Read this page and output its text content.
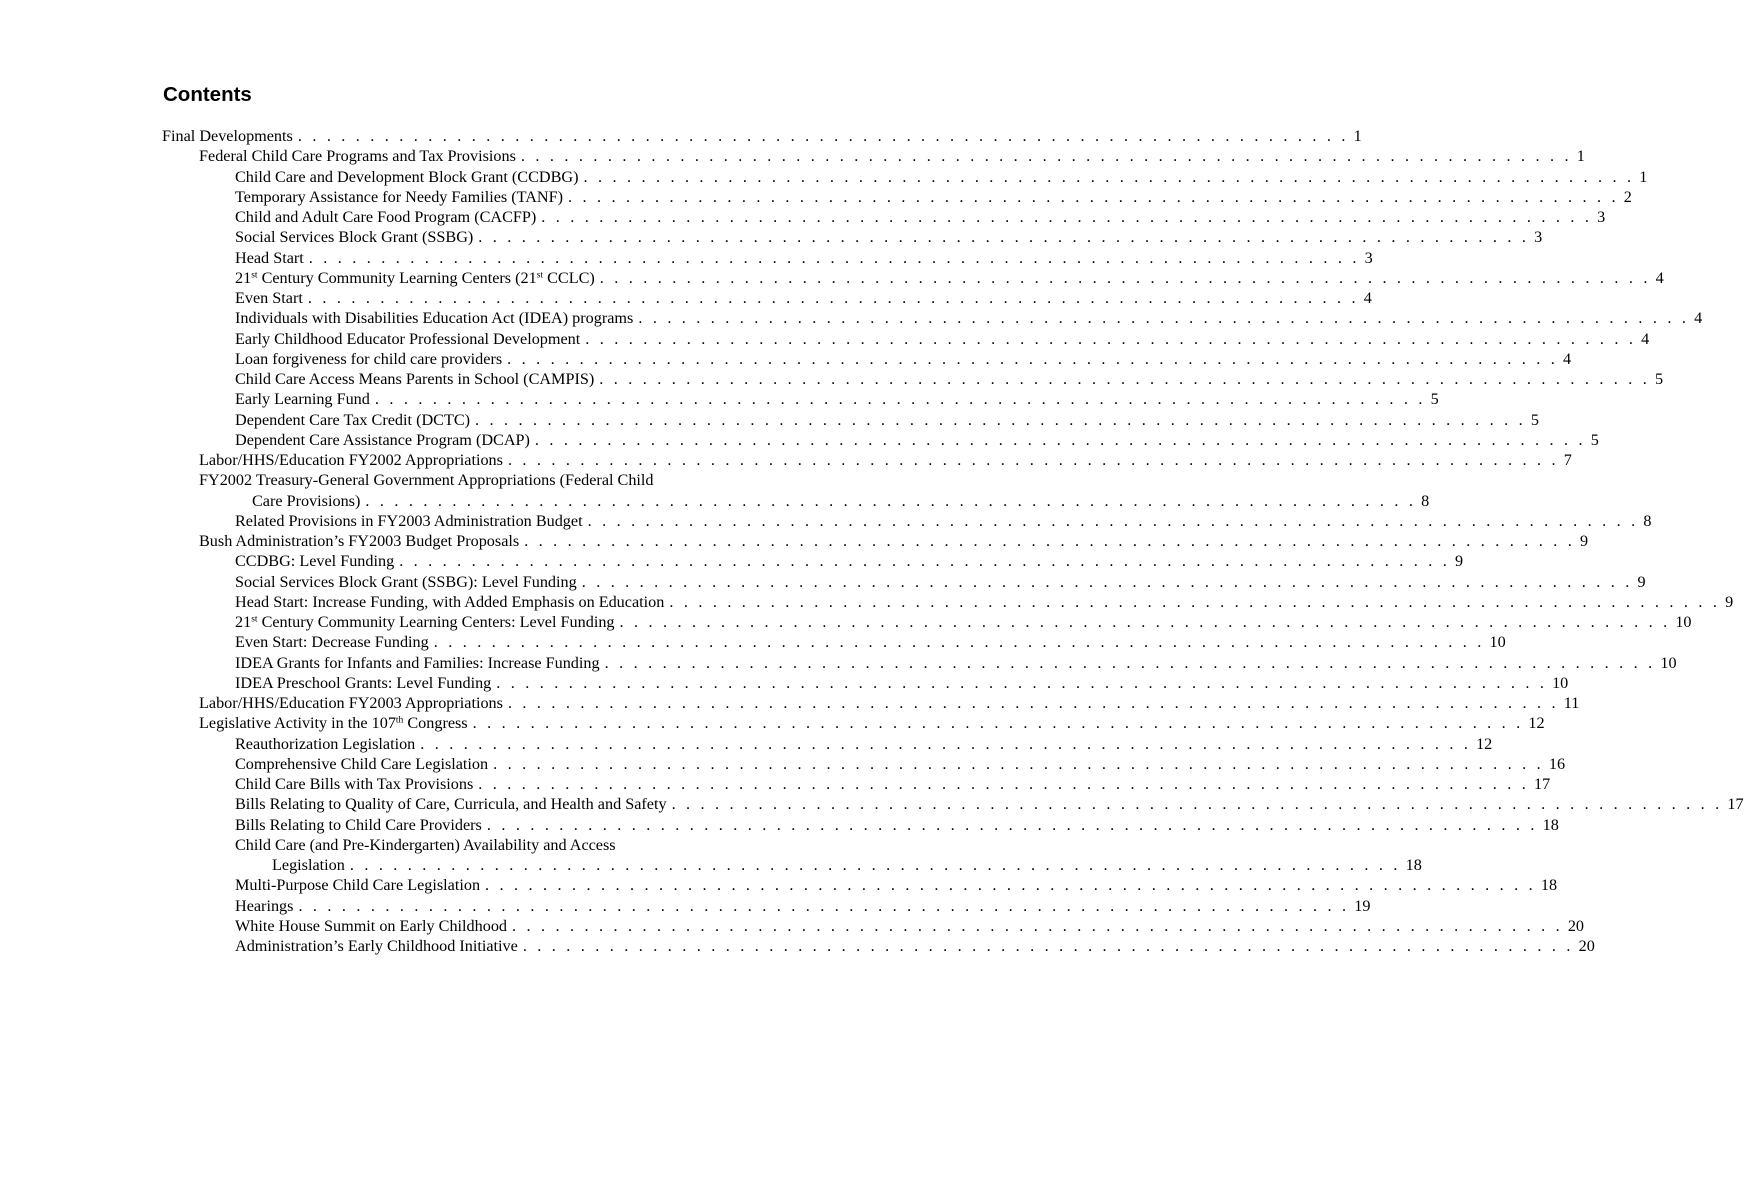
Contents
Final Developments . . . . . . . . . . . . . . . . . . . . . . . . . . . . . . . . . . . . . . . . . . . . . . . . . . . . . . . . . . . . . . . . . . . . . . . . . 1
Federal Child Care Programs and Tax Provisions . . . . . . . . . . . . . . . . . . . . . . . . . . . . . . . . . . . . . . . . . . . . . . . . . . . . . . . . . . . . . . . . . . . . . . . . . 1
Child Care and Development Block Grant (CCDBG) . . . . . . . . . . . . . . . . . . . . . . . . . . . . . . . . . . . . . . . . . . . . . . . . . . . . . . . . . . . . . . . . . . . . . . . . . 1
Temporary Assistance for Needy Families (TANF) . . . . . . . . . . . . . . . . . . . . . . . . . . . . . . . . . . . . . . . . . . . . . . . . . . . . . . . . . . . . . . . . . . . . . . . . . 2
Child and Adult Care Food Program (CACFP) . . . . . . . . . . . . . . . . . . . . . . . . . . . . . . . . . . . . . . . . . . . . . . . . . . . . . . . . . . . . . . . . . . . . . . . . . 3
Social Services Block Grant (SSBG) . . . . . . . . . . . . . . . . . . . . . . . . . . . . . . . . . . . . . . . . . . . . . . . . . . . . . . . . . . . . . . . . . . . . . . . . . 3
Head Start . . . . . . . . . . . . . . . . . . . . . . . . . . . . . . . . . . . . . . . . . . . . . . . . . . . . . . . . . . . . . . . . . . . . . . . . . 3
21st Century Community Learning Centers (21st CCLC) . . . . . . . . . . . . . . . . . . . . . . . . . . . . . . . . . . . . . . . . . . . . . . . . . . . . . . . . . . . . . . . . . . . . . . . . . 4
Even Start . . . . . . . . . . . . . . . . . . . . . . . . . . . . . . . . . . . . . . . . . . . . . . . . . . . . . . . . . . . . . . . . . . . . . . . . . 4
Individuals with Disabilities Education Act (IDEA) programs . . . . . . . . . . . . . . . . . . . . . . . . . . . . . . . . . . . . . . . . . . . . . . . . . . . . . . . . . . . . . . . . . . . . . . . . . 4
Early Childhood Educator Professional Development . . . . . . . . . . . . . . . . . . . . . . . . . . . . . . . . . . . . . . . . . . . . . . . . . . . . . . . . . . . . . . . . . . . . . . . . . 4
Loan forgiveness for child care providers . . . . . . . . . . . . . . . . . . . . . . . . . . . . . . . . . . . . . . . . . . . . . . . . . . . . . . . . . . . . . . . . . . . . . . . . . 4
Child Care Access Means Parents in School (CAMPIS) . . . . . . . . . . . . . . . . . . . . . . . . . . . . . . . . . . . . . . . . . . . . . . . . . . . . . . . . . . . . . . . . . . . . . . . . . 5
Early Learning Fund . . . . . . . . . . . . . . . . . . . . . . . . . . . . . . . . . . . . . . . . . . . . . . . . . . . . . . . . . . . . . . . . . . . . . . . . . 5
Dependent Care Tax Credit (DCTC) . . . . . . . . . . . . . . . . . . . . . . . . . . . . . . . . . . . . . . . . . . . . . . . . . . . . . . . . . . . . . . . . . . . . . . . . . 5
Dependent Care Assistance Program (DCAP) . . . . . . . . . . . . . . . . . . . . . . . . . . . . . . . . . . . . . . . . . . . . . . . . . . . . . . . . . . . . . . . . . . . . . . . . . 5
Labor/HHS/Education FY2002 Appropriations . . . . . . . . . . . . . . . . . . . . . . . . . . . . . . . . . . . . . . . . . . . . . . . . . . . . . . . . . . . . . . . . . . . . . . . . . 7
FY2002 Treasury-General Government Appropriations (Federal Child
Care Provisions) . . . . . . . . . . . . . . . . . . . . . . . . . . . . . . . . . . . . . . . . . . . . . . . . . . . . . . . . . . . . . . . . . . . . . . . . . 8
Related Provisions in FY2003 Administration Budget . . . . . . . . . . . . . . . . . . . . . . . . . . . . . . . . . . . . . . . . . . . . . . . . . . . . . . . . . . . . . . . . . . . . . . . . . 8
Bush Administration’s FY2003 Budget Proposals . . . . . . . . . . . . . . . . . . . . . . . . . . . . . . . . . . . . . . . . . . . . . . . . . . . . . . . . . . . . . . . . . . . . . . . . . 9
CCDBG: Level Funding . . . . . . . . . . . . . . . . . . . . . . . . . . . . . . . . . . . . . . . . . . . . . . . . . . . . . . . . . . . . . . . . . . . . . . . . . 9
Social Services Block Grant (SSBG): Level Funding . . . . . . . . . . . . . . . . . . . . . . . . . . . . . . . . . . . . . . . . . . . . . . . . . . . . . . . . . . . . . . . . . . . . . . . . . 9
Head Start: Increase Funding, with Added Emphasis on Education . . . . . . . . . . . . . . . . . . . . . . . . . . . . . . . . . . . . . . . . . . . . . . . . . . . . . . . . . . . . . . . . . . . . . . . . . 9
21st Century Community Learning Centers: Level Funding . . . . . . . . . . . . . . . . . . . . . . . . . . . . . . . . . . . . . . . . . . . . . . . . . . . . . . . . . . . . . . . . . . . . . . . . . 10
Even Start: Decrease Funding . . . . . . . . . . . . . . . . . . . . . . . . . . . . . . . . . . . . . . . . . . . . . . . . . . . . . . . . . . . . . . . . . . . . . . . . . 10
IDEA Grants for Infants and Families: Increase Funding . . . . . . . . . . . . . . . . . . . . . . . . . . . . . . . . . . . . . . . . . . . . . . . . . . . . . . . . . . . . . . . . . . . . . . . . . 10
IDEA Preschool Grants: Level Funding . . . . . . . . . . . . . . . . . . . . . . . . . . . . . . . . . . . . . . . . . . . . . . . . . . . . . . . . . . . . . . . . . . . . . . . . . 10
Labor/HHS/Education FY2003 Appropriations . . . . . . . . . . . . . . . . . . . . . . . . . . . . . . . . . . . . . . . . . . . . . . . . . . . . . . . . . . . . . . . . . . . . . . . . . 11
Legislative Activity in the 107th Congress . . . . . . . . . . . . . . . . . . . . . . . . . . . . . . . . . . . . . . . . . . . . . . . . . . . . . . . . . . . . . . . . . . . . . . . . . 12
Reauthorization Legislation . . . . . . . . . . . . . . . . . . . . . . . . . . . . . . . . . . . . . . . . . . . . . . . . . . . . . . . . . . . . . . . . . . . . . . . . . 12
Comprehensive Child Care Legislation . . . . . . . . . . . . . . . . . . . . . . . . . . . . . . . . . . . . . . . . . . . . . . . . . . . . . . . . . . . . . . . . . . . . . . . . . 16
Child Care Bills with Tax Provisions . . . . . . . . . . . . . . . . . . . . . . . . . . . . . . . . . . . . . . . . . . . . . . . . . . . . . . . . . . . . . . . . . . . . . . . . . 17
Bills Relating to Quality of Care, Curricula, and Health and Safety . . . . . . . . . . . . . . . . . . . . . . . . . . . . . . . . . . . . . . . . . . . . . . . . . . . . . . . . . . . . . . . . . . . . . . . . . 17
Bills Relating to Child Care Providers . . . . . . . . . . . . . . . . . . . . . . . . . . . . . . . . . . . . . . . . . . . . . . . . . . . . . . . . . . . . . . . . . . . . . . . . . 18
Child Care (and Pre-Kindergarten) Availability and Access
Legislation . . . . . . . . . . . . . . . . . . . . . . . . . . . . . . . . . . . . . . . . . . . . . . . . . . . . . . . . . . . . . . . . . . . . . . . . . 18
Multi-Purpose Child Care Legislation . . . . . . . . . . . . . . . . . . . . . . . . . . . . . . . . . . . . . . . . . . . . . . . . . . . . . . . . . . . . . . . . . . . . . . . . . 18
Hearings . . . . . . . . . . . . . . . . . . . . . . . . . . . . . . . . . . . . . . . . . . . . . . . . . . . . . . . . . . . . . . . . . . . . . . . . . 19
White House Summit on Early Childhood . . . . . . . . . . . . . . . . . . . . . . . . . . . . . . . . . . . . . . . . . . . . . . . . . . . . . . . . . . . . . . . . . . . . . . . . . 20
Administration’s Early Childhood Initiative . . . . . . . . . . . . . . . . . . . . . . . . . . . . . . . . . . . . . . . . . . . . . . . . . . . . . . . . . . . . . . . . . . . . . . . . . 20
